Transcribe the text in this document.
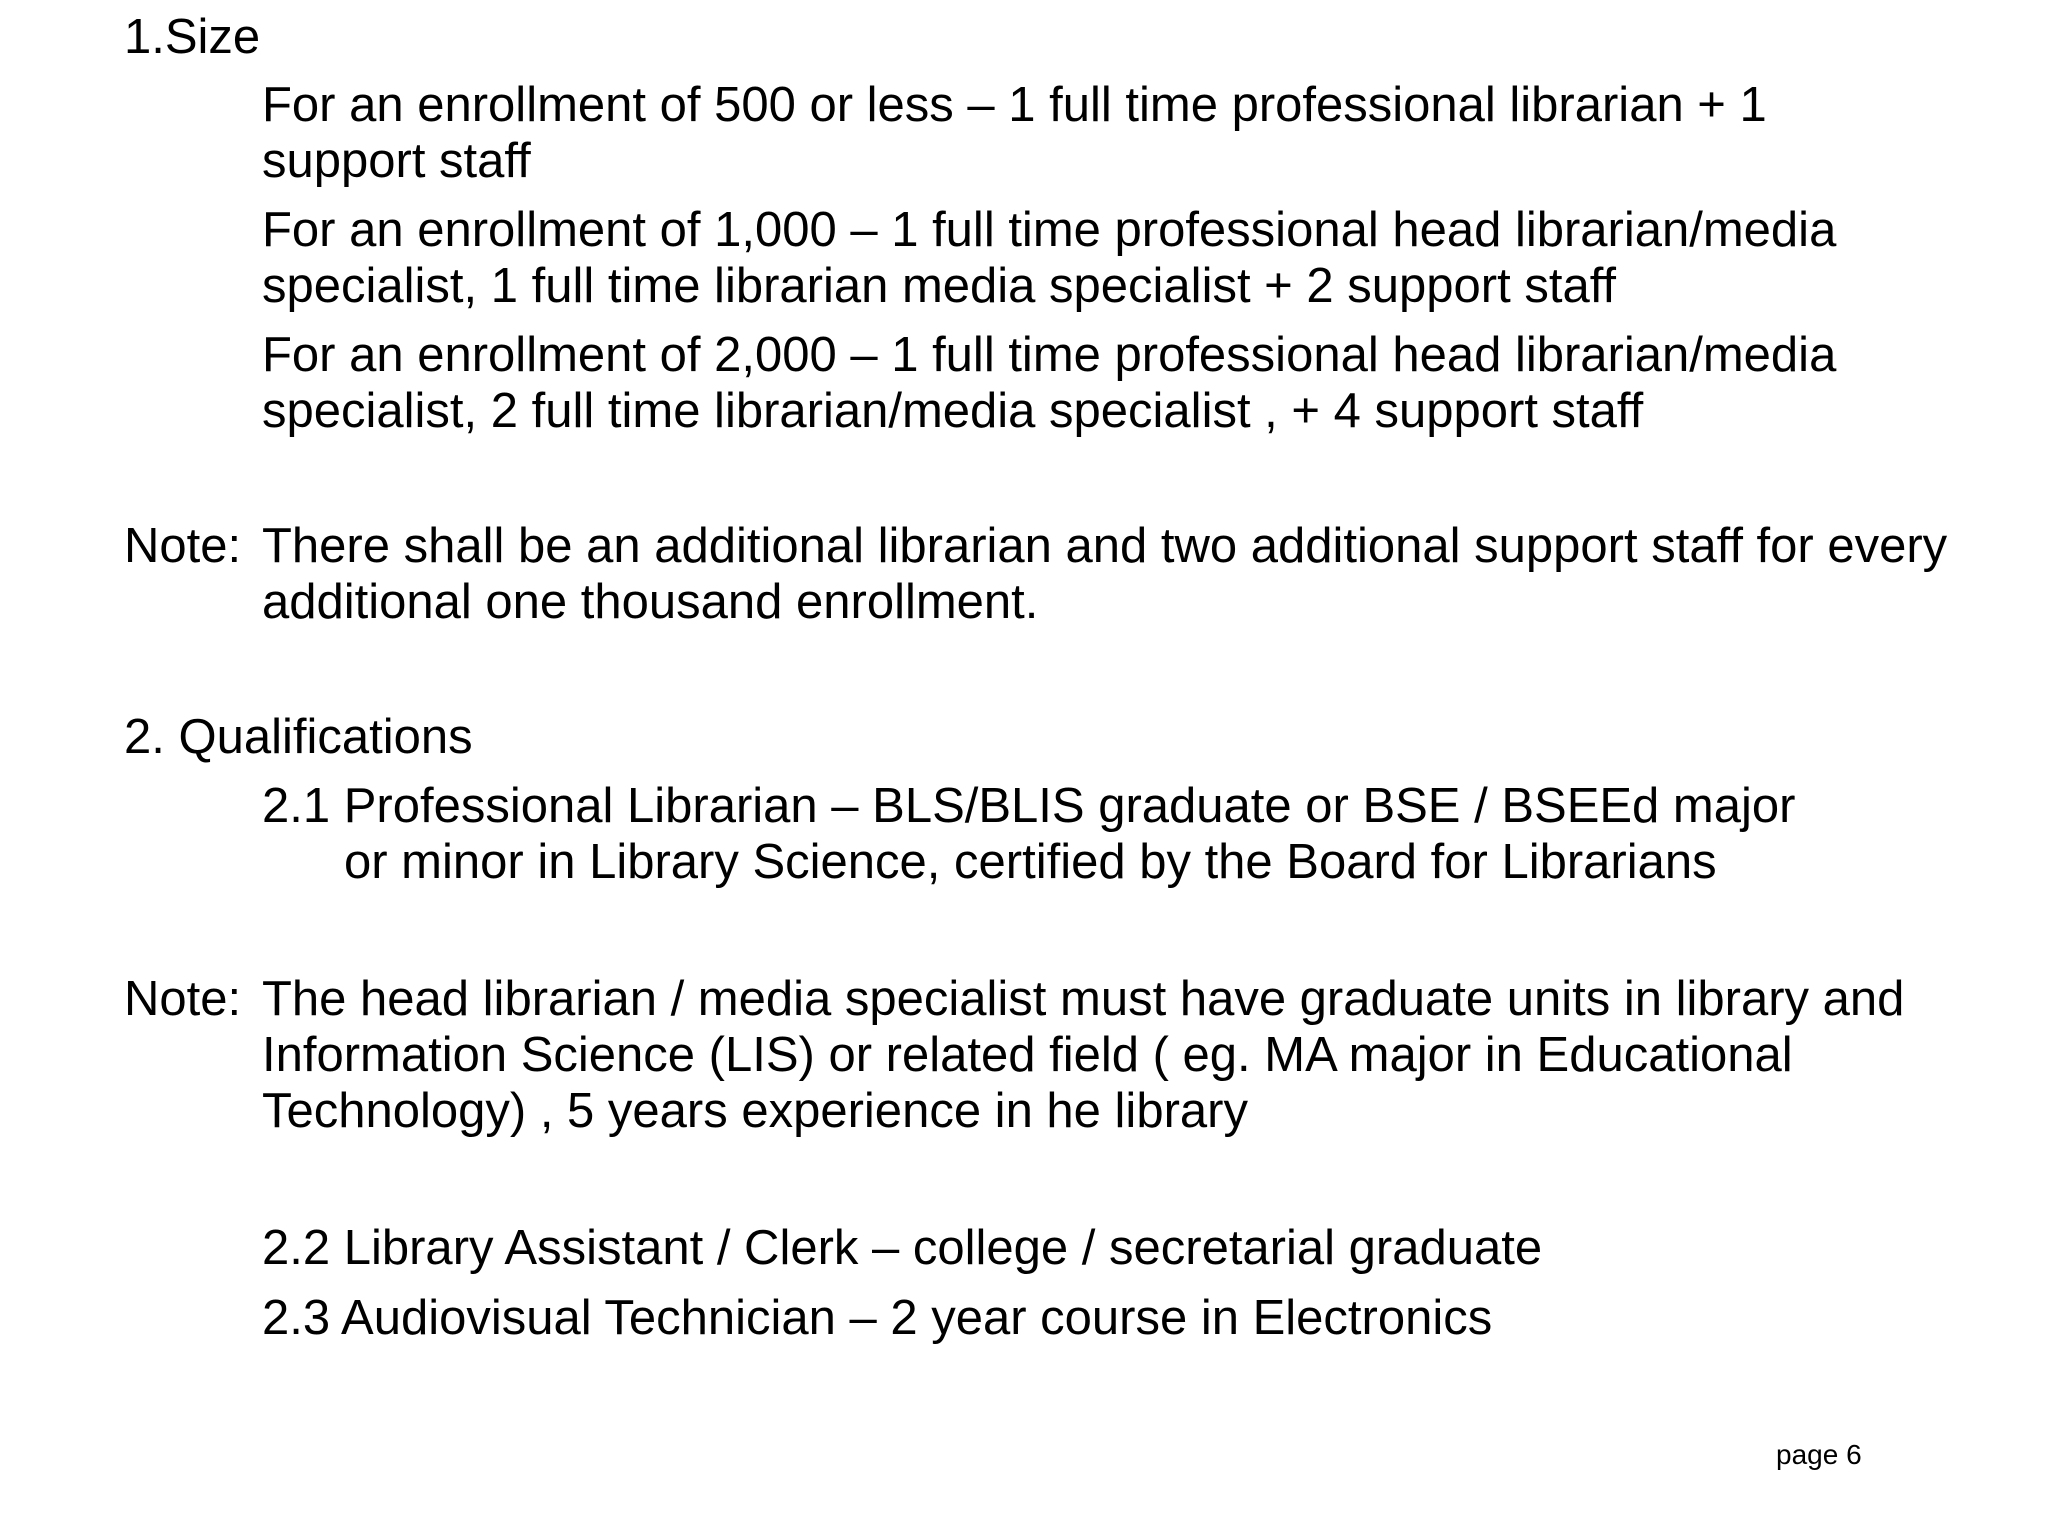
1.Size
For an enrollment of 500 or less – 1 full time professional librarian + 1
support staff
For an enrollment of 1,000 – 1 full time professional head librarian/media
specialist, 1 full time librarian media specialist + 2 support staff
For an enrollment of 2,000 – 1 full time professional head librarian/media
specialist, 2 full time librarian/media specialist , + 4 support staff
Note: There shall be an additional librarian and two additional support staff for every
additional one thousand enrollment.
2. Qualifications
2.1 Professional Librarian – BLS/BLIS graduate or BSE / BSEEd major
or minor in Library Science, certified by the Board for Librarians
Note: The head librarian / media specialist must have graduate units in library and
Information Science (LIS) or related field ( eg. MA major in Educational
Technology) , 5 years experience in he library
2.2 Library Assistant / Clerk – college / secretarial graduate
2.3 Audiovisual Technician – 2 year course in Electronics
page 6
